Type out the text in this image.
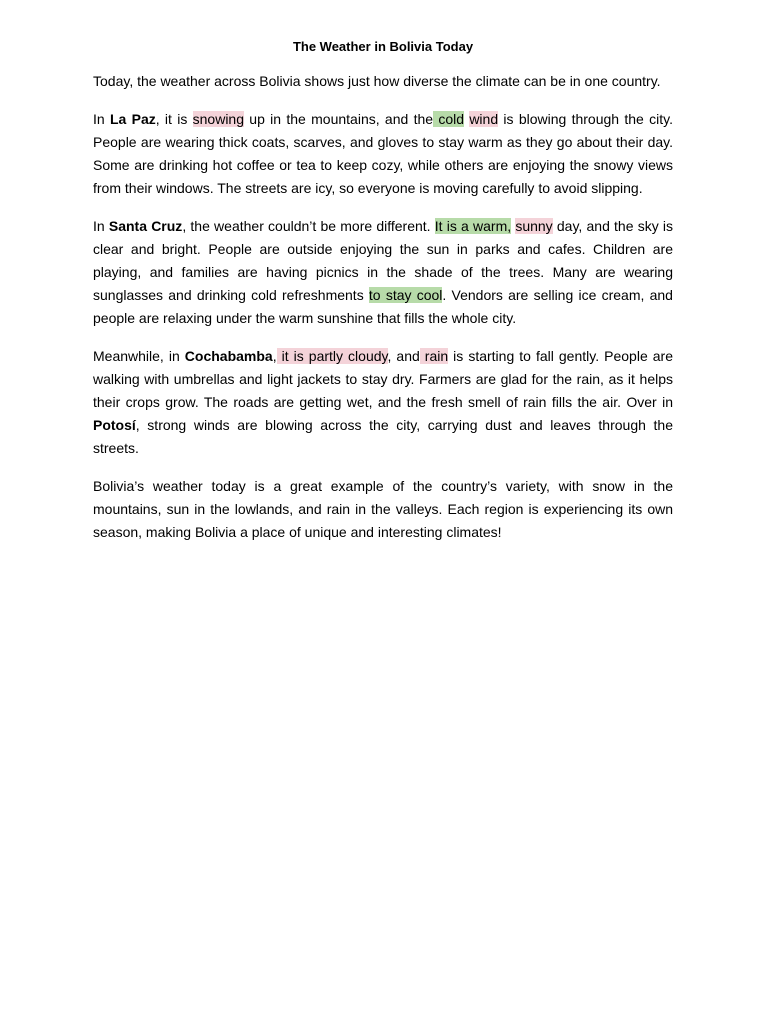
The Weather in Bolivia Today

Today, the weather across Bolivia shows just how diverse the climate can be in one country.

In La Paz, it is snowing up in the mountains, and the cold wind is blowing through the city. People are wearing thick coats, scarves, and gloves to stay warm as they go about their day. Some are drinking hot coffee or tea to keep cozy, while others are enjoying the snowy views from their windows. The streets are icy, so everyone is moving carefully to avoid slipping.

In Santa Cruz, the weather couldn’t be more different. It is a warm, sunny day, and the sky is clear and bright. People are outside enjoying the sun in parks and cafes. Children are playing, and families are having picnics in the shade of the trees. Many are wearing sunglasses and drinking cold refreshments to stay cool. Vendors are selling ice cream, and people are relaxing under the warm sunshine that fills the whole city.

Meanwhile, in Cochabamba, it is partly cloudy, and rain is starting to fall gently. People are walking with umbrellas and light jackets to stay dry. Farmers are glad for the rain, as it helps their crops grow. The roads are getting wet, and the fresh smell of rain fills the air. Over in Potosí, strong winds are blowing across the city, carrying dust and leaves through the streets.

Bolivia’s weather today is a great example of the country’s variety, with snow in the mountains, sun in the lowlands, and rain in the valleys. Each region is experiencing its own season, making Bolivia a place of unique and interesting climates!
